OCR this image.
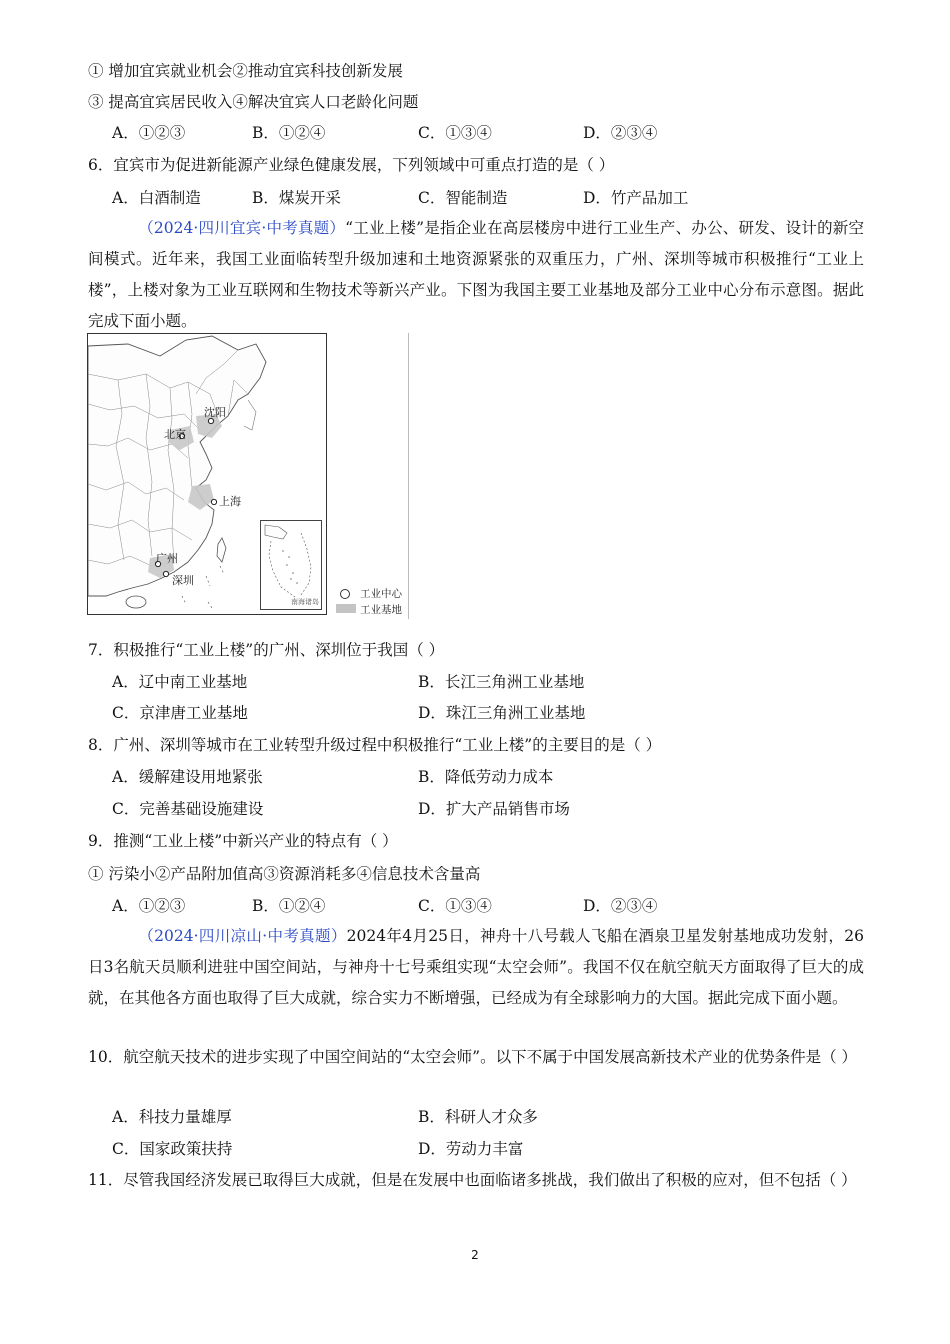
① 增加宜宾就业机会②推动宜宾科技创新发展
③ 提高宜宾居民收入④解决宜宾人口老龄化问题
A．①②③	B．①②④	C．①③④	D．②③④
6．宜宾市为促进新能源产业绿色健康发展，下列领域中可重点打造的是（ ）
A．白酒制造	B．煤炭开采	C．智能制造	D．竹产品加工
（2024·四川宜宾·中考真题）“工业上楼”是指企业在高层楼房中进行工业生产、办公、研发、设计的新空间模式。近年来，我国工业面临转型升级加速和土地资源紧张的双重压力，广州、深圳等城市积极推行“工业上楼”，上楼对象为工业互联网和生物技术等新兴产业。下图为我国主要工业基地及部分工业中心分布示意图。据此完成下面小题。
沈阳
北京
上海
广州
深圳
南海诸岛
工业中心
工业基地
7．积极推行“工业上楼”的广州、深圳位于我国（ ）
A．辽中南工业基地	B．长江三角洲工业基地
C．京津唐工业基地	D．珠江三角洲工业基地
8．广州、深圳等城市在工业转型升级过程中积极推行“工业上楼”的主要目的是（ ）
A．缓解建设用地紧张	B．降低劳动力成本
C．完善基础设施建设	D．扩大产品销售市场
9．推测“工业上楼”中新兴产业的特点有（ ）
① 污染小②产品附加值高③资源消耗多④信息技术含量高
A．①②③	B．①②④	C．①③④	D．②③④
（2024·四川凉山·中考真题）2024年4月25日，神舟十八号载人飞船在酒泉卫星发射基地成功发射，26日3名航天员顺利进驻中国空间站，与神舟十七号乘组实现“太空会师”。我国不仅在航空航天方面取得了巨大的成就，在其他各方面也取得了巨大成就，综合实力不断增强，已经成为有全球影响力的大国。据此完成下面小题。
10．航空航天技术的进步实现了中国空间站的“太空会师”。以下不属于中国发展高新技术产业的优势条件是（ ）
A．科技力量雄厚	B．科研人才众多
C．国家政策扶持	D．劳动力丰富
11．尽管我国经济发展已取得巨大成就，但是在发展中也面临诸多挑战，我们做出了积极的应对，但不包括（ ）
2
